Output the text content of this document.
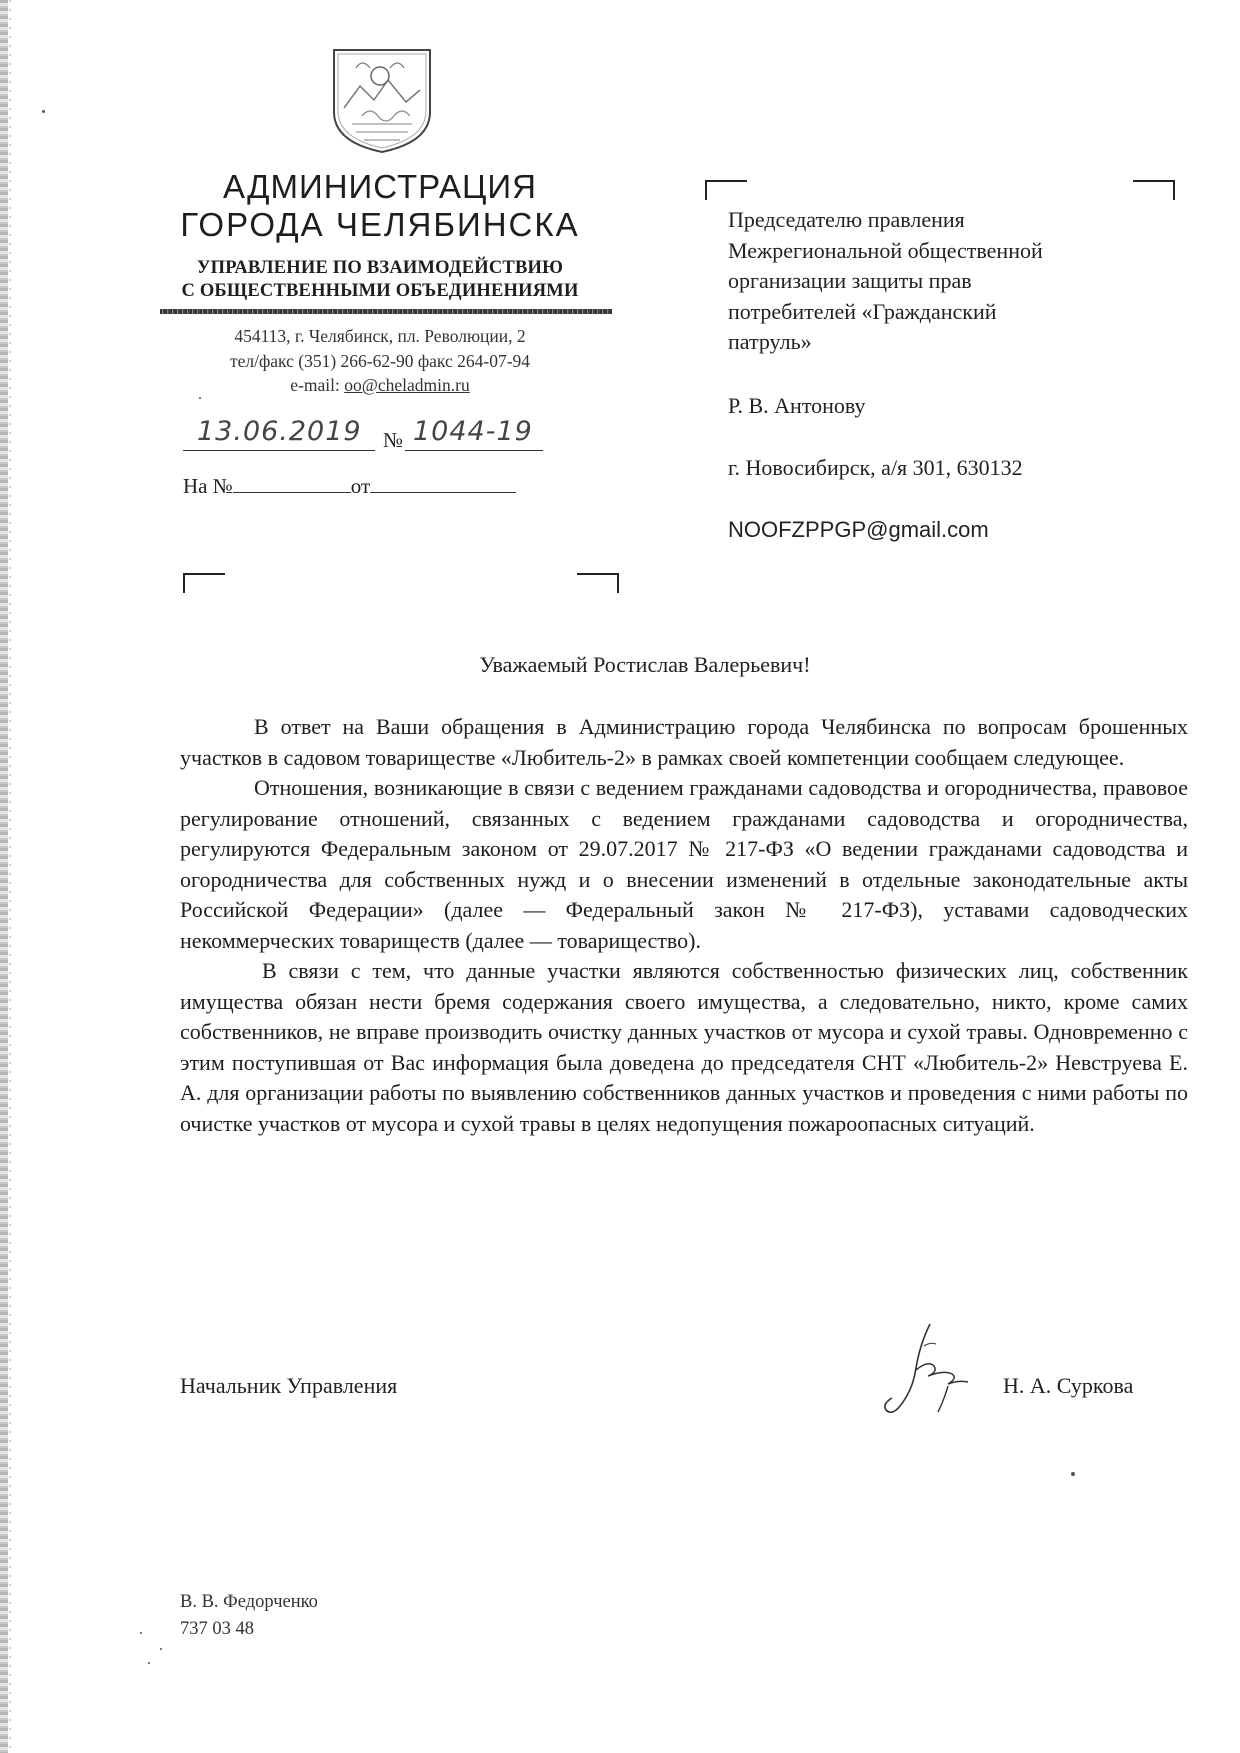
АДМИНИСТРАЦИЯ
ГОРОДА ЧЕЛЯБИНСКА
УПРАВЛЕНИЕ ПО ВЗАИМОДЕЙСТВИЮ
С ОБЩЕСТВЕННЫМИ ОБЪЕДИНЕНИЯМИ
454113, г. Челябинск, пл. Революции, 2
тел/факс (351) 266-62-90 факс 264-07-94
e-mail: oo@cheladmin.ru
13.06.2019 № 1044-19
На №	от
Председателю правления
Межрегиональной общественной
организации защиты прав
потребителей «Гражданский
патруль»
Р. В. Антонову
г. Новосибирск, а/я 301, 630132
NOOFZPPGP@gmail.com
Уважаемый Ростислав Валерьевич!

В ответ на Ваши обращения в Администрацию города Челябинска по вопросам брошенных участков в садовом товариществе «Любитель-2» в рамках своей компетенции сообщаем следующее.

Отношения, возникающие в связи с ведением гражданами садоводства и огородничества, правовое регулирование отношений, связанных с ведением гражданами садоводства и огородничества, регулируются Федеральным законом от 29.07.2017 № 217-ФЗ «О ведении гражданами садоводства и огородничества для собственных нужд и о внесении изменений в отдельные законодательные акты Российской Федерации» (далее — Федеральный закон № 217-ФЗ), уставами садоводческих некоммерческих товариществ (далее — товарищество).

В связи с тем, что данные участки являются собственностью физических лиц, собственник имущества обязан нести бремя содержания своего имущества, а следовательно, никто, кроме самих собственников, не вправе производить очистку данных участков от мусора и сухой травы. Одновременно с этим поступившая от Вас информация была доведена до председателя СНТ «Любитель-2» Невструева Е. А. для организации работы по выявлению собственников данных участков и проведения с ними работы по очистке участков от мусора и сухой травы в целях недопущения пожароопасных ситуаций.

Начальник Управления	Н. А. Суркова
В. В. Федорченко
737 03 48
